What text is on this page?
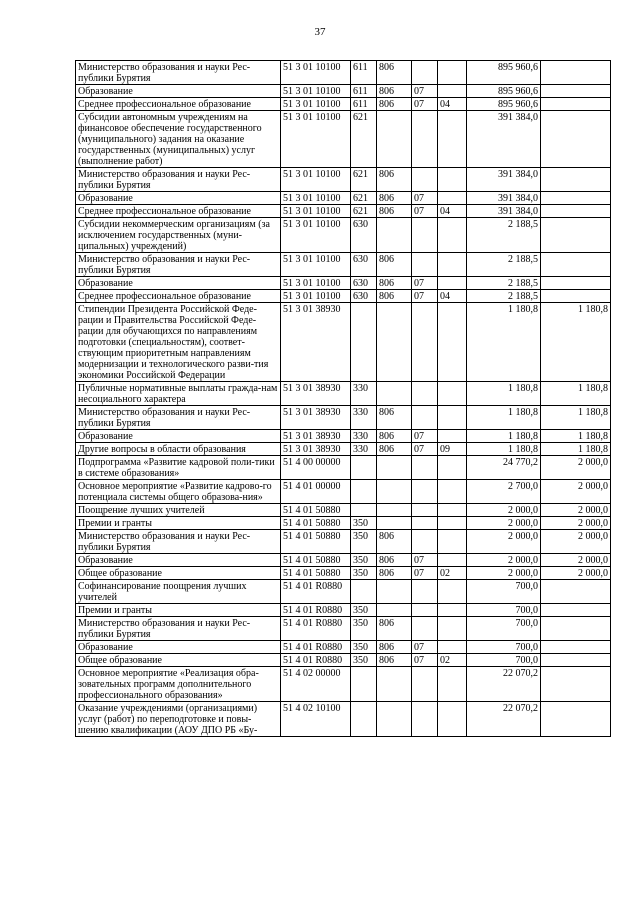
37
Министерство образования и науки Рес-публики Бурятия	51 3 01 10100	611	806			895 960,6	
Образование	51 3 01 10100	611	806	07		895 960,6	
Среднее профессиональное образование	51 3 01 10100	611	806	07	04	895 960,6	
Субсидии автономным учреждениям на финансовое обеспечение государственного (муниципального) задания на оказание государственных (муниципальных) услуг (выполнение работ)	51 3 01 10100	621				391 384,0	
Министерство образования и науки Рес-публики Бурятия	51 3 01 10100	621	806			391 384,0	
Образование	51 3 01 10100	621	806	07		391 384,0	
Среднее профессиональное образование	51 3 01 10100	621	806	07	04	391 384,0	
Субсидии некоммерческим организациям (за исключением государственных (муни-ципальных) учреждений)	51 3 01 10100	630				2 188,5	
Министерство образования и науки Рес-публики Бурятия	51 3 01 10100	630	806			2 188,5	
Образование	51 3 01 10100	630	806	07		2 188,5	
Среднее профессиональное образование	51 3 01 10100	630	806	07	04	2 188,5	
Стипендии Президента Российской Феде-рации и Правительства Российской Феде-рации для обучающихся по направлениям подготовки (специальностям), соответ-ствующим приоритетным направлениям модернизации и технологического разви-тия экономики Российской Федерации	51 3 01 38930					1 180,8	1 180,8
Публичные нормативные выплаты гражда-нам несоциального характера	51 3 01 38930	330				1 180,8	1 180,8
Министерство образования и науки Рес-публики Бурятия	51 3 01 38930	330	806			1 180,8	1 180,8
Образование	51 3 01 38930	330	806	07		1 180,8	1 180,8
Другие вопросы в области образования	51 3 01 38930	330	806	07	09	1 180,8	1 180,8
Подпрограмма «Развитие кадровой поли-тики в системе образования»	51 4 00 00000					24 770,2	2 000,0
Основное мероприятие «Развитие кадрово-го потенциала системы общего образова-ния»	51 4 01 00000					2 700,0	2 000,0
Поощрение лучших учителей	51 4 01 50880					2 000,0	2 000,0
Премии и гранты	51 4 01 50880	350				2 000,0	2 000,0
Министерство образования и науки Рес-публики Бурятия	51 4 01 50880	350	806			2 000,0	2 000,0
Образование	51 4 01 50880	350	806	07		2 000,0	2 000,0
Общее образование	51 4 01 50880	350	806	07	02	2 000,0	2 000,0
Софинансирование поощрения лучших учителей	51 4 01 R0880					700,0	
Премии и гранты	51 4 01 R0880	350				700,0	
Министерство образования и науки Рес-публики Бурятия	51 4 01 R0880	350	806			700,0	
Образование	51 4 01 R0880	350	806	07		700,0	
Общее образование	51 4 01 R0880	350	806	07	02	700,0	
Основное мероприятие «Реализация обра-зовательных программ дополнительного профессионального образования»	51 4 02 00000					22 070,2	
Оказание учреждениями (организациями) услуг (работ) по переподготовке и повы-шению квалификации (АОУ ДПО РБ «Бу-	51 4 02 10100					22 070,2	
